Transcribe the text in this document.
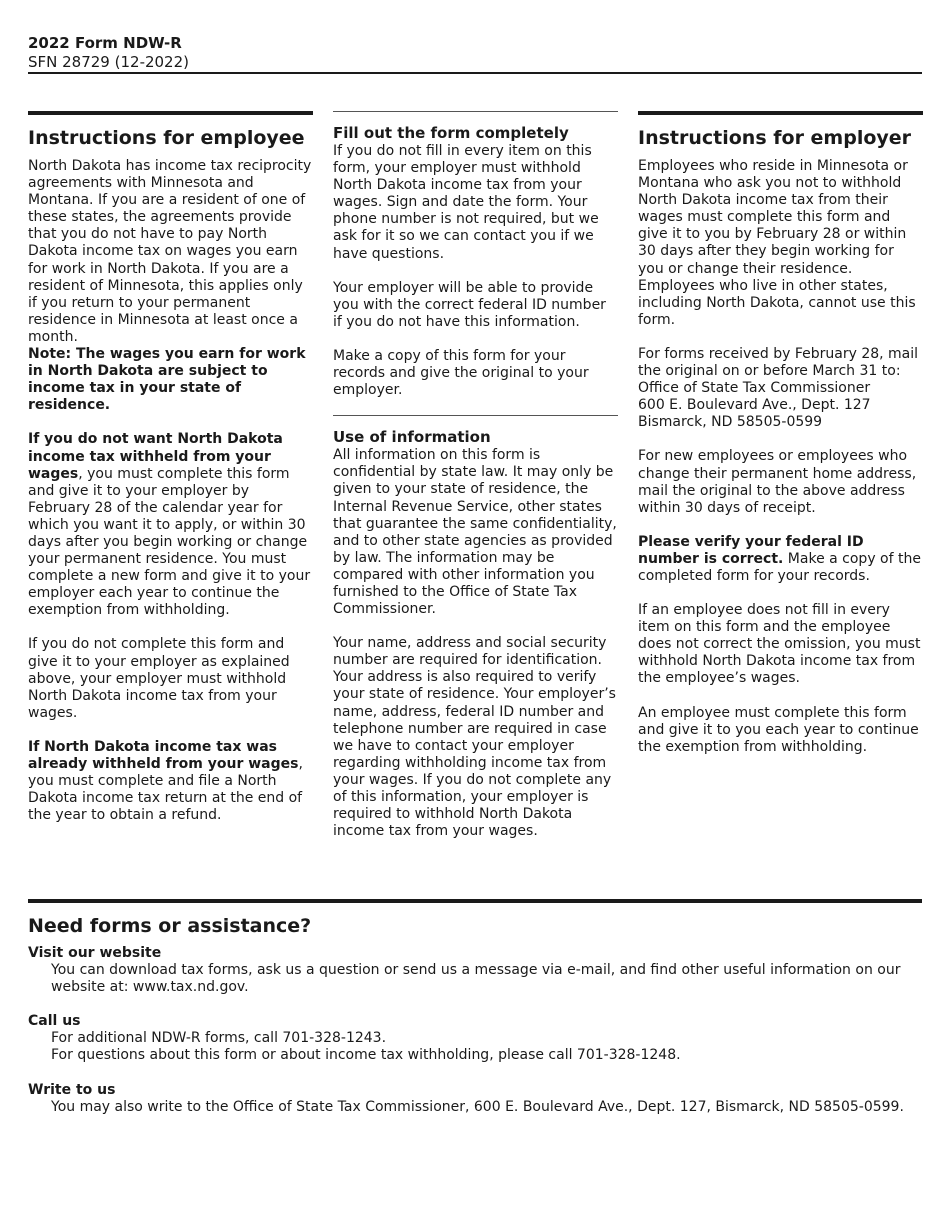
2022 Form NDW-R
SFN 28729 (12-2022)
Instructions for employee

North Dakota has income tax reciprocity agreements with Minnesota and Montana. If you are a resident of one of these states, the agreements provide that you do not have to pay North Dakota income tax on wages you earn for work in North Dakota. If you are a resident of Minnesota, this applies only if you return to your permanent residence in Minnesota at least once a month.

Note: The wages you earn for work in North Dakota are subject to income tax in your state of residence.

If you do not want North Dakota income tax withheld from your wages, you must complete this form and give it to your employer by February 28 of the calendar year for which you want it to apply, or within 30 days after you begin working or change your permanent residence. You must complete a new form and give it to your employer each year to continue the exemption from withholding.

If you do not complete this form and give it to your employer as explained above, your employer must withhold North Dakota income tax from your wages.

If North Dakota income tax was already withheld from your wages, you must complete and file a North Dakota income tax return at the end of the year to obtain a refund.

Fill out the form completely

If you do not fill in every item on this form, your employer must withhold North Dakota income tax from your wages. Sign and date the form. Your phone number is not required, but we ask for it so we can contact you if we have questions.

Your employer will be able to provide you with the correct federal ID number if you do not have this information.

Make a copy of this form for your records and give the original to your employer.

Use of information

All information on this form is confidential by state law. It may only be given to your state of residence, the Internal Revenue Service, other states that guarantee the same confidentiality, and to other state agencies as provided by law. The information may be compared with other information you furnished to the Office of State Tax Commissioner.

Your name, address and social security number are required for identification. Your address is also required to verify your state of residence. Your employer’s name, address, federal ID number and telephone number are required in case we have to contact your employer regarding withholding income tax from your wages. If you do not complete any of this information, your employer is required to withhold North Dakota income tax from your wages.

Instructions for employer

Employees who reside in Minnesota or Montana who ask you not to withhold North Dakota income tax from their wages must complete this form and give it to you by February 28 or within 30 days after they begin working for you or change their residence. Employees who live in other states, including North Dakota, cannot use this form.

For forms received by February 28, mail the original on or before March 31 to:
Office of State Tax Commissioner
600 E. Boulevard Ave., Dept. 127
Bismarck, ND 58505-0599

For new employees or employees who change their permanent home address, mail the original to the above address within 30 days of receipt.

Please verify your federal ID number is correct. Make a copy of the completed form for your records.

If an employee does not fill in every item on this form and the employee does not correct the omission, you must withhold North Dakota income tax from the employee’s wages.

An employee must complete this form and give it to you each year to continue the exemption from withholding.

Need forms or assistance?
Visit our website
You can download tax forms, ask us a question or send us a message via e-mail, and find other useful information on our website at: www.tax.nd.gov.
Call us
For additional NDW-R forms, call 701-328-1243.
For questions about this form or about income tax withholding, please call 701-328-1248.
Write to us
You may also write to the Office of State Tax Commissioner, 600 E. Boulevard Ave., Dept. 127, Bismarck, ND 58505-0599.
